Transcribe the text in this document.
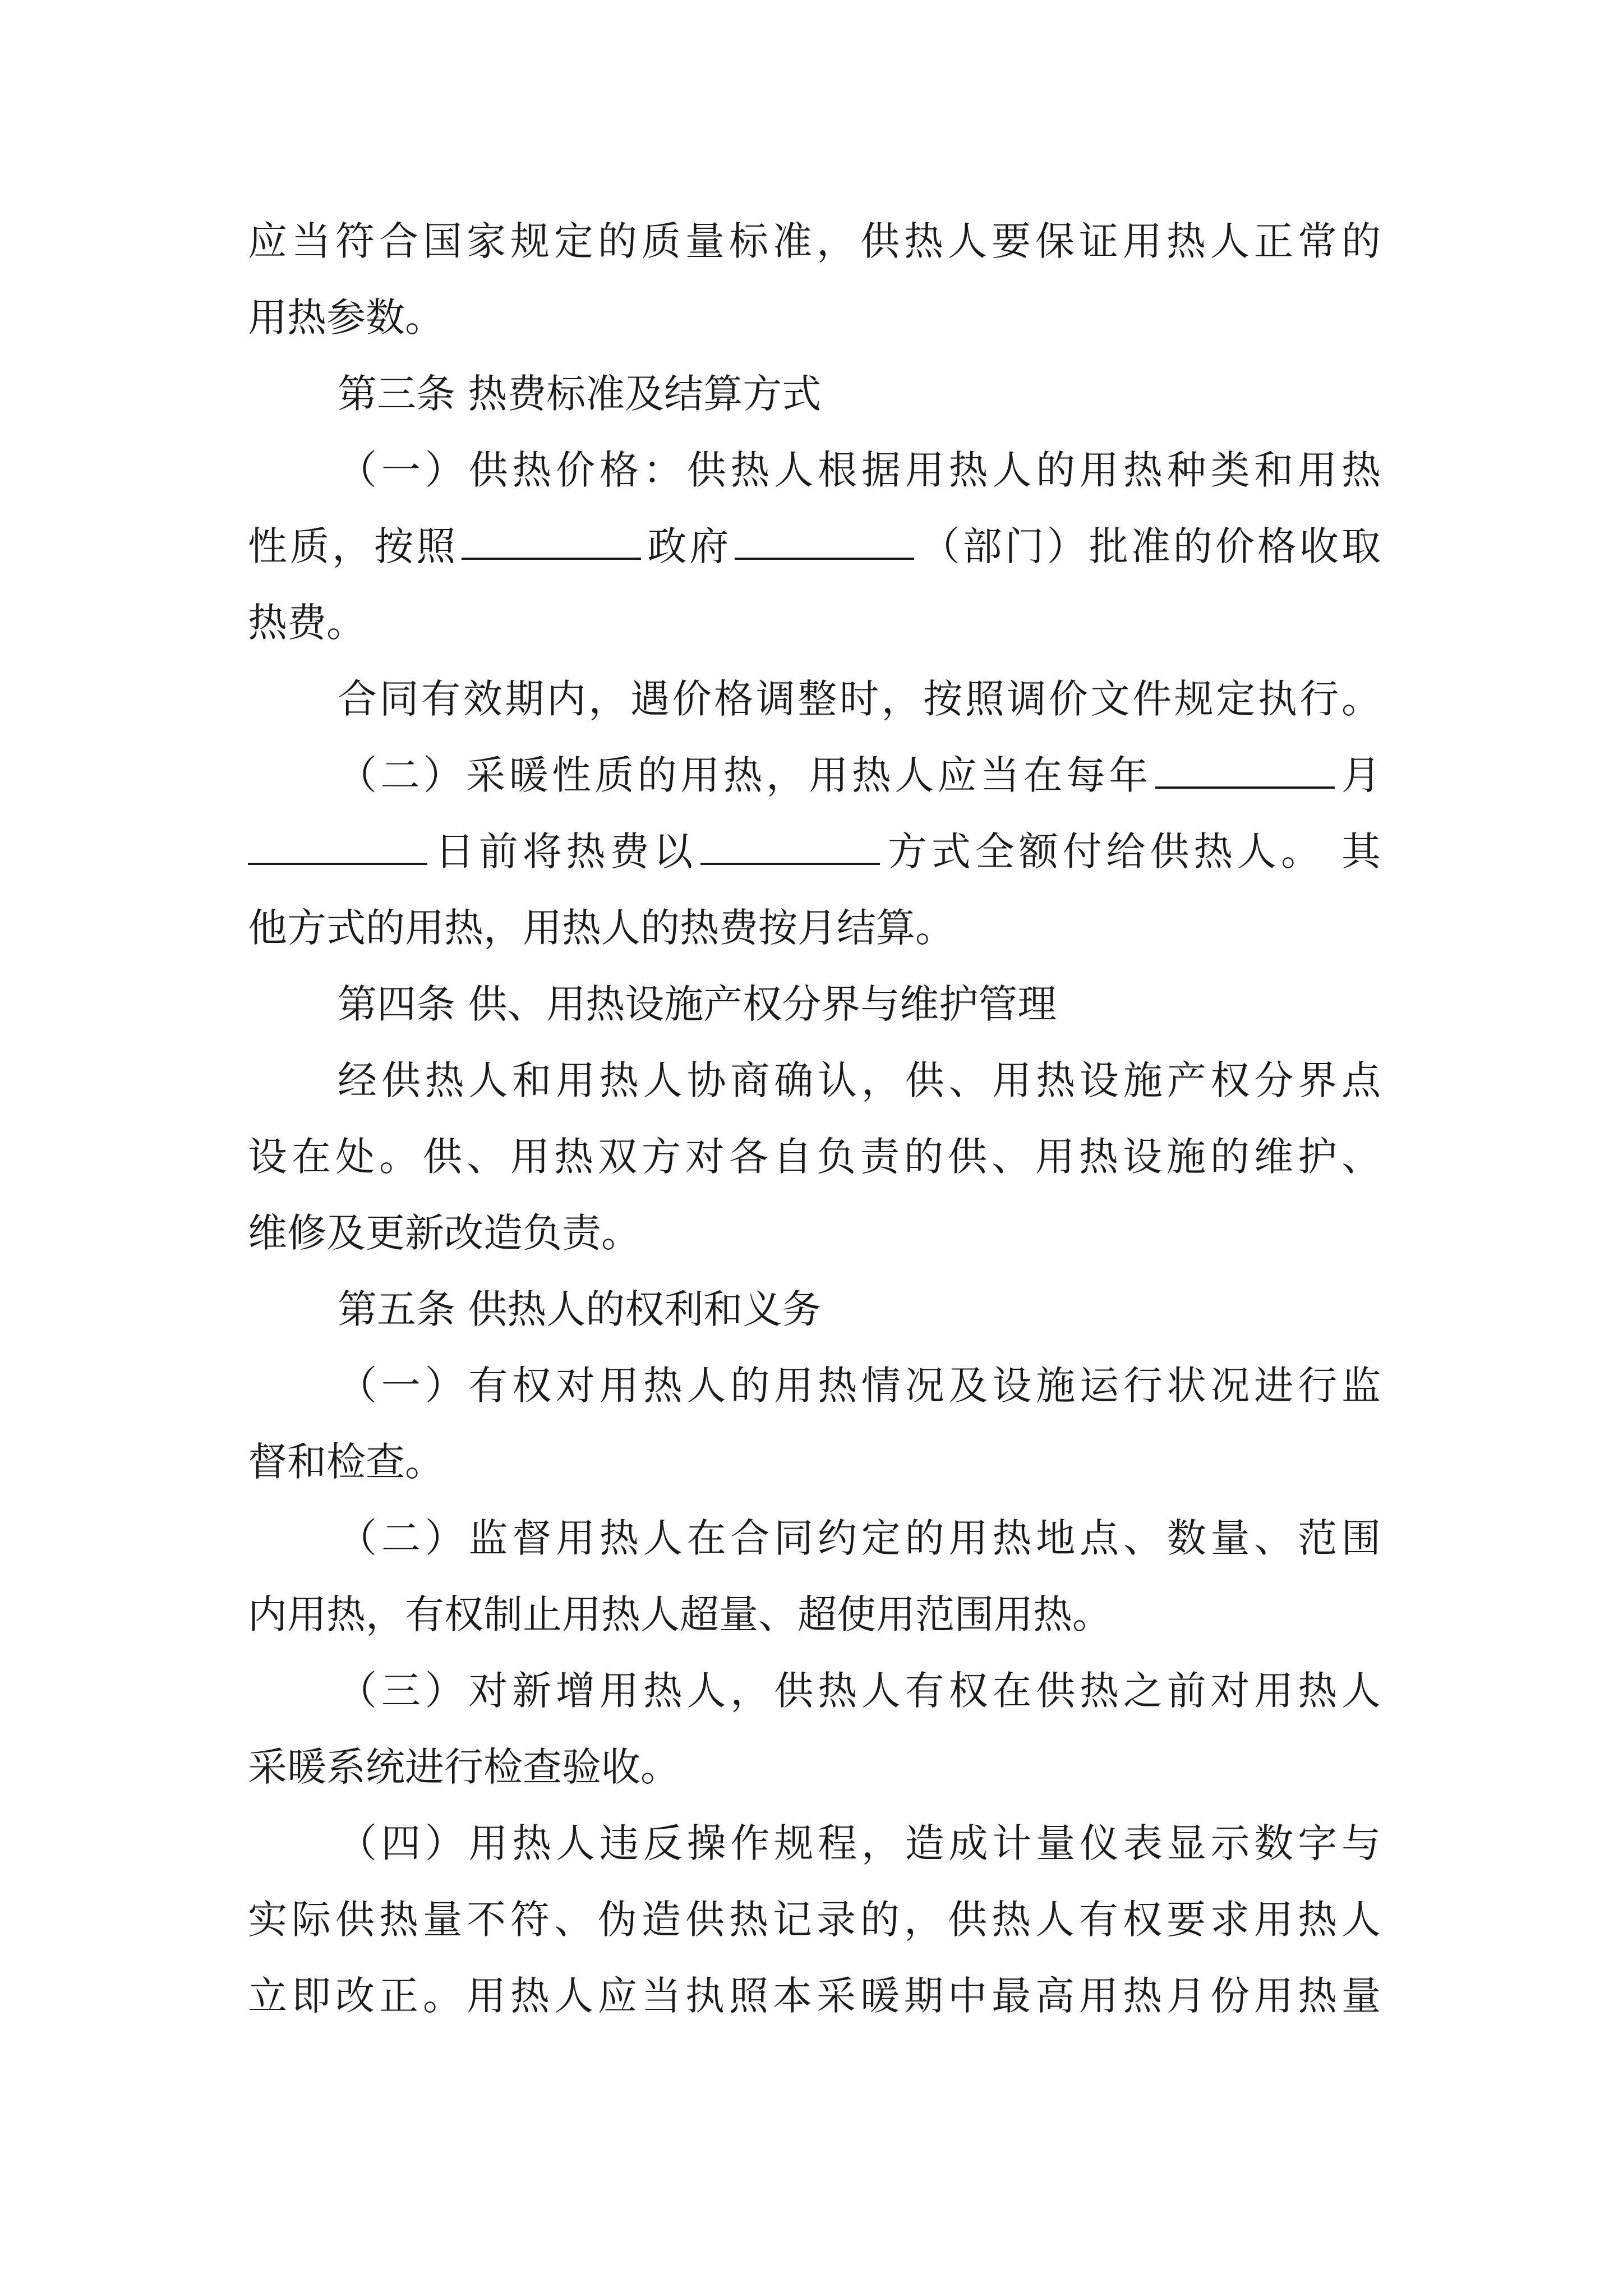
应当符合国家规定的质量标准，供热人要保证用热人正常的

用热参数。

第三条 热费标准及结算方式

（一）供热价格：供热人根据用热人的用热种类和用热

性质，按照	政府	（部门）批准的价格收取

热费。

合同有效期内，遇价格调整时，按照调价文件规定执行。

（二）采暖性质的用热，用热人应当在每年	月

日前将热费以	方式全额付给供热人。 其

他方式的用热，用热人的热费按月结算。

第四条 供、用热设施产权分界与维护管理

经供热人和用热人协商确认，供、用热设施产权分界点

设在处。供、用热双方对各自负责的供、用热设施的维护、

维修及更新改造负责。

第五条 供热人的权利和义务

（一）有权对用热人的用热情况及设施运行状况进行监

督和检查。

（二）监督用热人在合同约定的用热地点、数量、范围

内用热，有权制止用热人超量、超使用范围用热。

（三）对新增用热人，供热人有权在供热之前对用热人

采暖系统进行检查验收。

（四）用热人违反操作规程，造成计量仪表显示数字与

实际供热量不符、伪造供热记录的，供热人有权要求用热人

立即改正。用热人应当执照本采暖期中最高用热月份用热量
